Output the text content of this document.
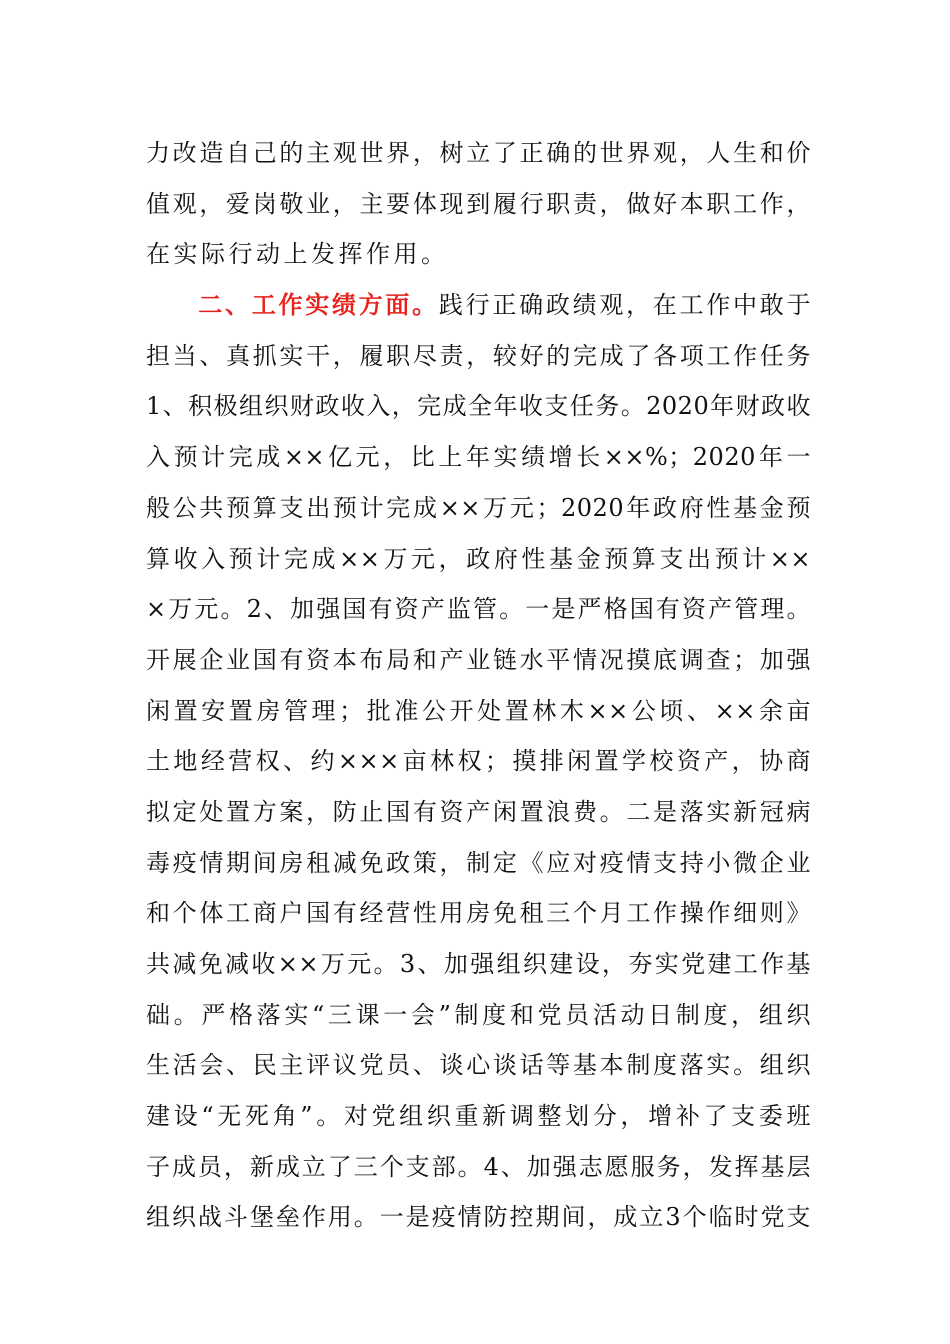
力改造自己的主观世界，树立了正确的世界观，人生和价
值观，爱岗敬业，主要体现到履行职责，做好本职工作，
在实际行动上发挥作用。
二、工作实绩方面。践行正确政绩观，在工作中敢于
担当、真抓实干，履职尽责，较好的完成了各项工作任务
1、积极组织财政收入，完成全年收支任务。2020年财政收
入预计完成××亿元，比上年实绩增长××%；2020年一
般公共预算支出预计完成××万元；2020年政府性基金预
算收入预计完成××万元，政府性基金预算支出预计××
×万元。2、加强国有资产监管。一是严格国有资产管理。
开展企业国有资本布局和产业链水平情况摸底调查；加强
闲置安置房管理；批准公开处置林木××公顷、××余亩
土地经营权、约×××亩林权；摸排闲置学校资产，协商
拟定处置方案，防止国有资产闲置浪费。二是落实新冠病
毒疫情期间房租减免政策，制定《应对疫情支持小微企业
和个体工商户国有经营性用房免租三个月工作操作细则》
共减免减收××万元。3、加强组织建设，夯实党建工作基
础。严格落实“三课一会”制度和党员活动日制度，组织
生活会、民主评议党员、谈心谈话等基本制度落实。组织
建设“无死角”。对党组织重新调整划分，增补了支委班
子成员，新成立了三个支部。4、加强志愿服务，发挥基层
组织战斗堡垒作用。一是疫情防控期间，成立3个临时党支
